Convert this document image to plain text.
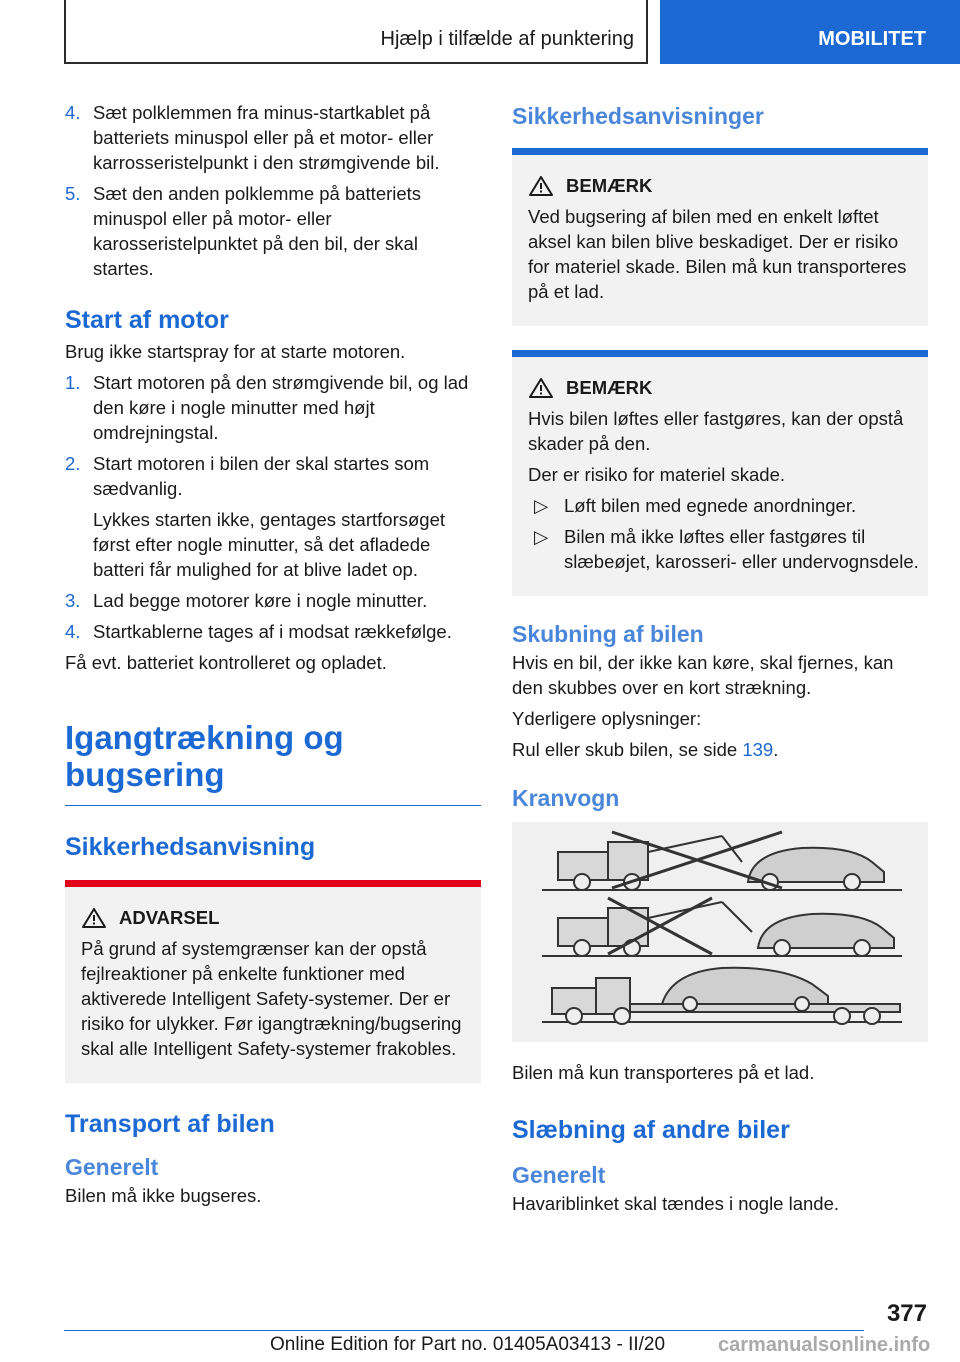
Hjælp i tilfælde af punktering	MOBILITET
4. Sæt polklemmen fra minus-startkablet på batteriets minuspol eller på et motor- eller karrosseristelpunkt i den strømgivende bil.
5. Sæt den anden polklemme på batteriets minuspol eller på motor- eller karosseristelpunktet på den bil, der skal startes.
Start af motor

Brug ikke startspray for at starte motoren.

1. Start motoren på den strømgivende bil, og lad den køre i nogle minutter med højt omdrejningstal.
2. Start motoren i bilen der skal startes som sædvanlig.
Lykkes starten ikke, gentages startforsøget først efter nogle minutter, så det afladede batteri får mulighed for at blive ladet op.
3. Lad begge motorer køre i nogle minutter.
4. Startkablerne tages af i modsat rækkefølge.

Få evt. batteriet kontrolleret og opladet.

Igangtrækning og bugsering
Sikkerhedsanvisning
ADVARSEL

På grund af systemgrænser kan der opstå fejlreaktioner på enkelte funktioner med aktiverede Intelligent Safety-systemer. Der er risiko for ulykker. Før igangtrækning/bugsering skal alle Intelligent Safety-systemer frakobles.

Transport af bilen
Generelt

Bilen må ikke bugseres.

Sikkerhedsanvisninger
BEMÆRK

Ved bugsering af bilen med en enkelt løftet aksel kan bilen blive beskadiget. Der er risiko for materiel skade. Bilen må kun transporteres på et lad.

BEMÆRK

Hvis bilen løftes eller fastgøres, kan der opstå skader på den.

Der er risiko for materiel skade.

▷ Løft bilen med egnede anordninger.
▷ Bilen må ikke løftes eller fastgøres til slæbeøjet, karosseri- eller undervognsdele.
Skubning af bilen

Hvis en bil, der ikke kan køre, skal fjernes, kan den skubbes over en kort strækning.

Yderligere oplysninger:

Rul eller skub bilen, se side 139.

Kranvogn

Bilen må kun transporteres på et lad.

Slæbning af andre biler
Generelt

Havariblinket skal tændes i nogle lande.

377
Online Edition for Part no. 01405A03413 - II/20	carmanualsonline.info
